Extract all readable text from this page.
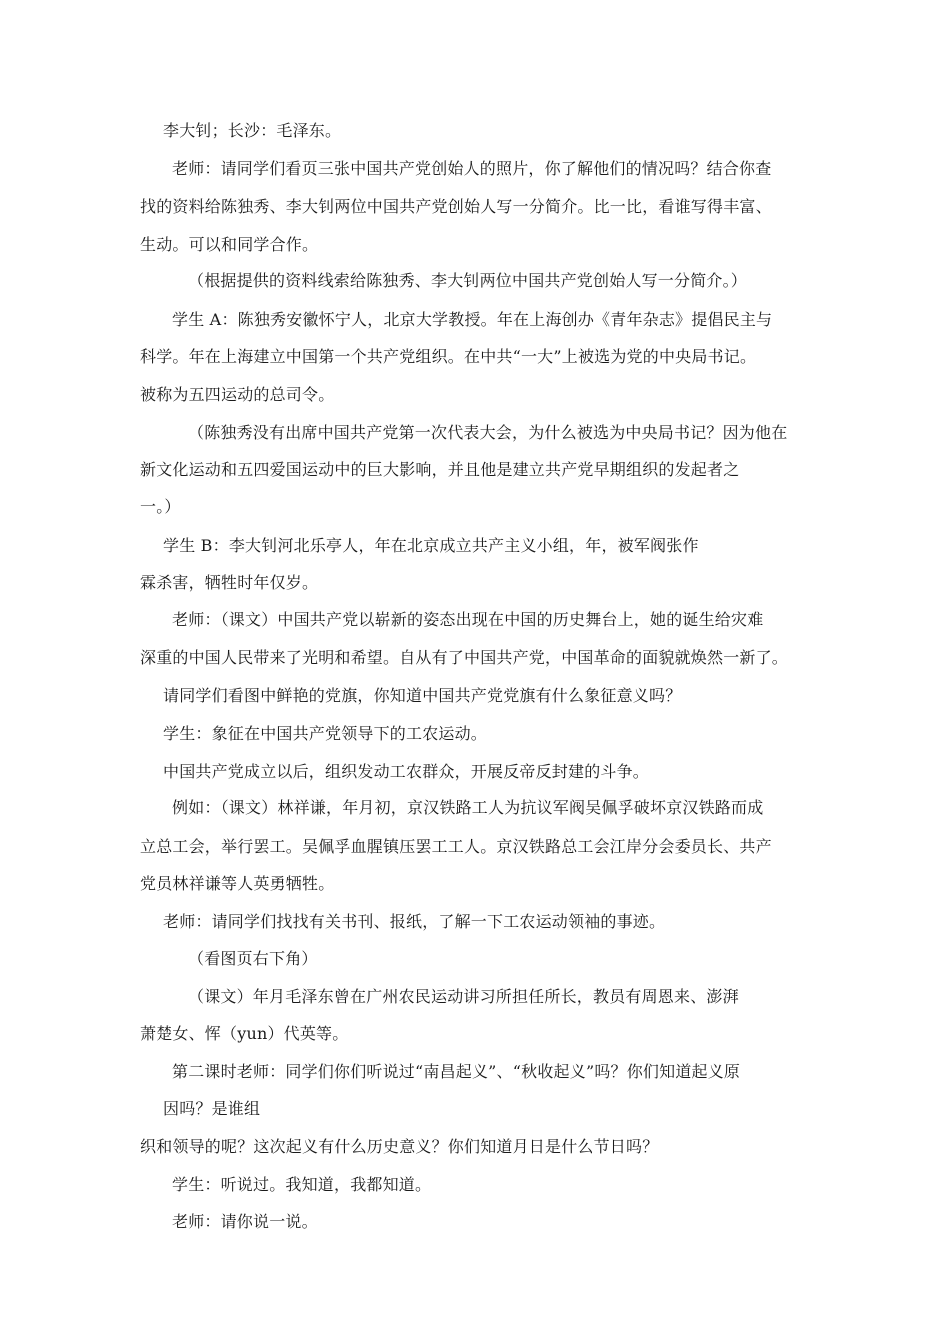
李大钊；长沙：毛泽东。
老师：请同学们看页三张中国共产党创始人的照片，你了解他们的情况吗？结合你查
找的资料给陈独秀、李大钊两位中国共产党创始人写一分简介。比一比，看谁写得丰富、
生动。可以和同学合作。
（根据提供的资料线索给陈独秀、李大钊两位中国共产党创始人写一分简介。）
学生 A：陈独秀安徽怀宁人，北京大学教授。年在上海创办《青年杂志》提倡民主与
科学。年在上海建立中国第一个共产党组织。在中共“一大”上被选为党的中央局书记。
被称为五四运动的总司令。
（陈独秀没有出席中国共产党第一次代表大会，为什么被选为中央局书记？因为他在
新文化运动和五四爱国运动中的巨大影响，并且他是建立共产党早期组织的发起者之
一。）
学生 B：李大钊河北乐亭人，年在北京成立共产主义小组，年，被军阀张作
霖杀害，牺牲时年仅岁。
老师：（课文）中国共产党以崭新的姿态出现在中国的历史舞台上，她的诞生给灾难
深重的中国人民带来了光明和希望。自从有了中国共产党，中国革命的面貌就焕然一新了。
请同学们看图中鲜艳的党旗，你知道中国共产党党旗有什么象征意义吗？
学生：象征在中国共产党领导下的工农运动。
中国共产党成立以后，组织发动工农群众，开展反帝反封建的斗争。
例如：（课文）林祥谦，年月初，京汉铁路工人为抗议军阀吴佩孚破坏京汉铁路而成
立总工会，举行罢工。吴佩孚血腥镇压罢工工人。京汉铁路总工会江岸分会委员长、共产
党员林祥谦等人英勇牺牲。
老师：请同学们找找有关书刊、报纸，了解一下工农运动领袖的事迹。
（看图页右下角）
（课文）年月毛泽东曾在广州农民运动讲习所担任所长，教员有周恩来、澎湃
萧楚女、恽（yun）代英等。
第二课时老师：同学们你们听说过“南昌起义”、“秋收起义”吗？你们知道起义原
因吗？是谁组
织和领导的呢？这次起义有什么历史意义？你们知道月日是什么节日吗？
学生：听说过。我知道，我都知道。
老师：请你说一说。
